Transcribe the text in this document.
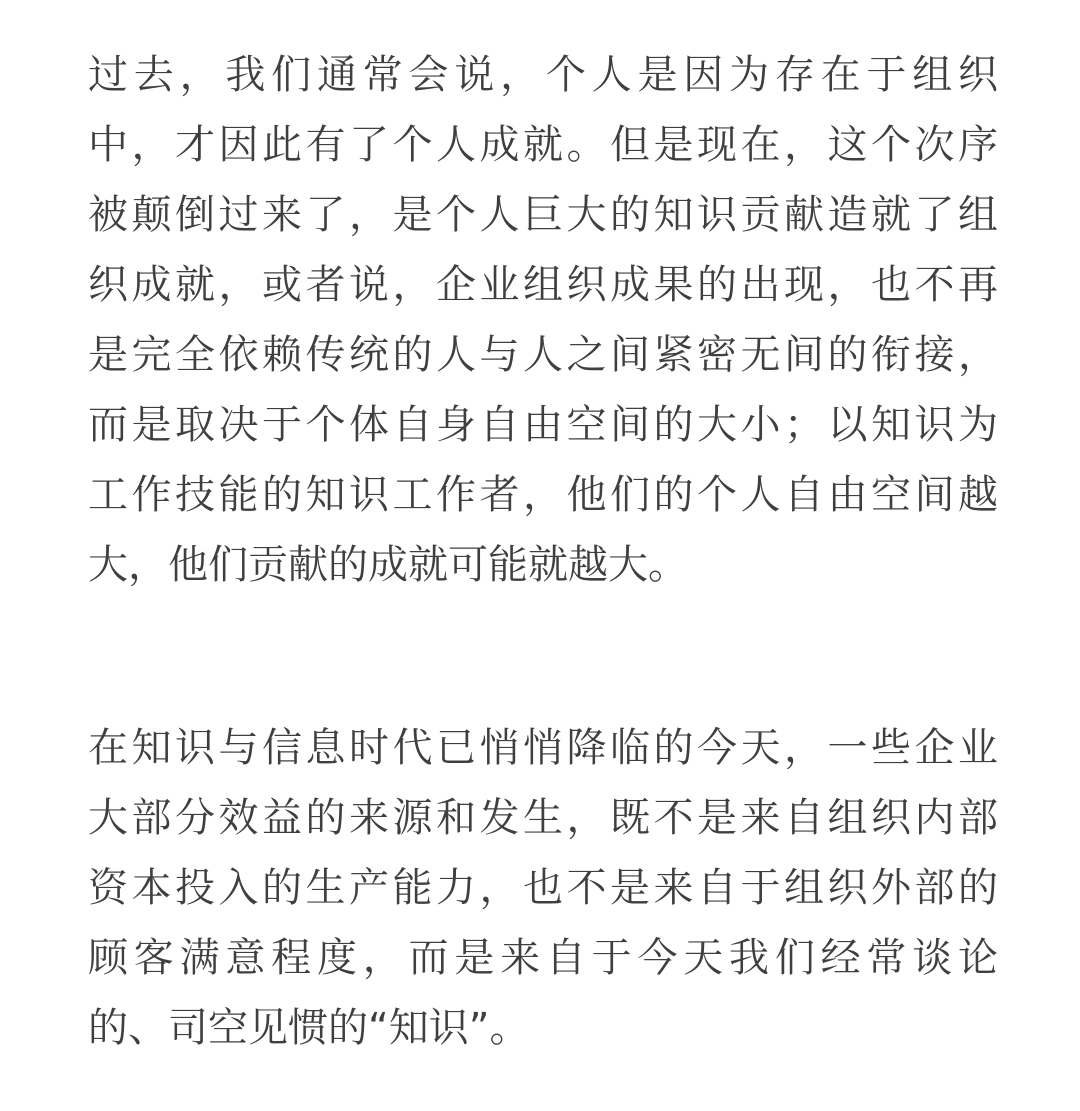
过去，我们通常会说，个人是因为存在于组织
中，才因此有了个人成就。但是现在，这个次序
被颠倒过来了，是个人巨大的知识贡献造就了组
织成就，或者说，企业组织成果的出现，也不再
是完全依赖传统的人与人之间紧密无间的衔接，
而是取决于个体自身自由空间的大小；以知识为
工作技能的知识工作者，他们的个人自由空间越
大，他们贡献的成就可能就越大。
在知识与信息时代已悄悄降临的今天，一些企业
大部分效益的来源和发生，既不是来自组织内部
资本投入的生产能力，也不是来自于组织外部的
顾客满意程度，而是来自于今天我们经常谈论
的、司空见惯的“知识”。
